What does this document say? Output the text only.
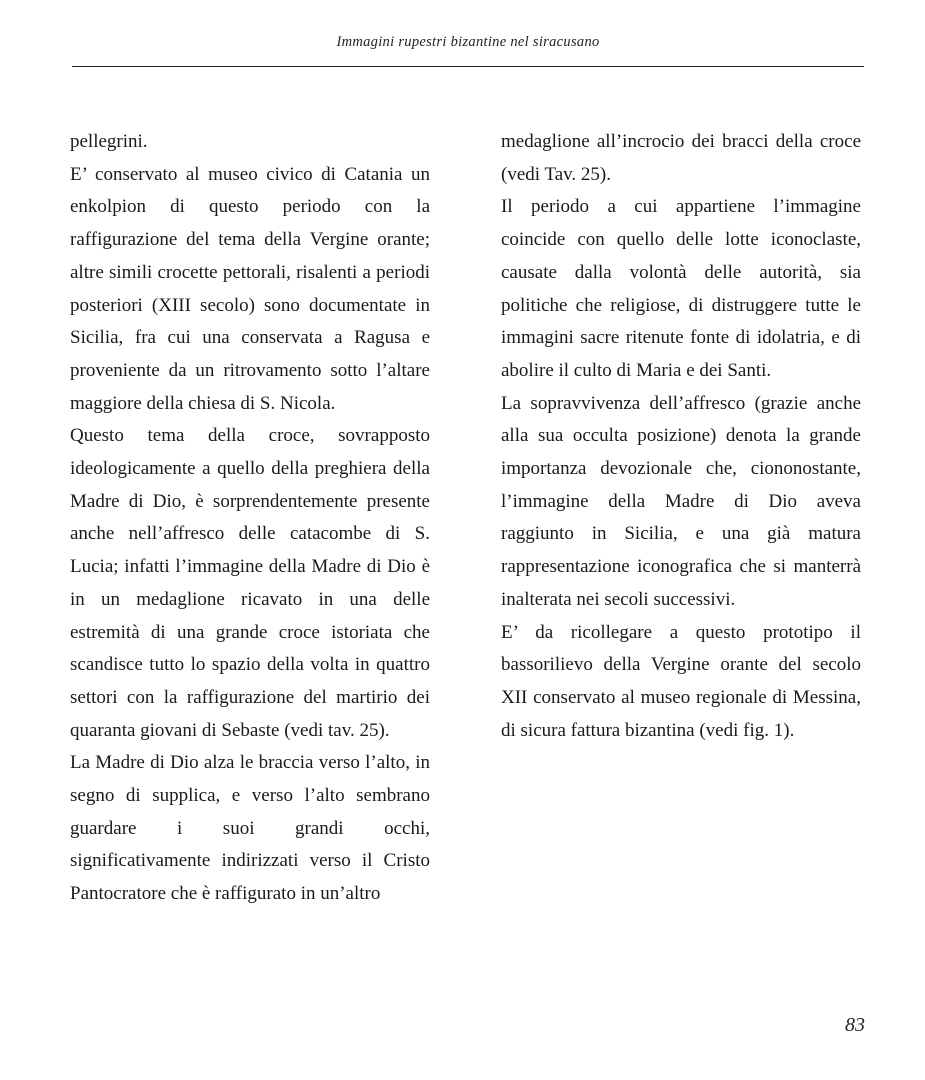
Immagini rupestri bizantine nel siracusano

pellegrini.

E’ conservato al museo civico di Catania un enkolpion di questo periodo con la raffigurazione del tema della Vergine orante; altre simili crocette pettorali, risalenti a periodi posteriori (XIII secolo) sono documentate in Sicilia, fra cui una conservata a Ragusa e proveniente da un ritrovamento sotto l’altare maggiore della chiesa di S. Nicola.

Questo tema della croce, sovrapposto ideologicamente a quello della preghiera della Madre di Dio, è sorprendentemente presente anche nell’affresco delle catacombe di S. Lucia; infatti l’immagine della Madre di Dio è in un medaglione ricavato in una delle estremità di una grande croce istoriata che scandisce tutto lo spazio della volta in quattro settori con la raffigurazione del martirio dei quaranta giovani di Sebaste (vedi tav. 25).

La Madre di Dio alza le braccia verso l’alto, in segno di supplica, e verso l’alto sembrano guardare i suoi grandi occhi, significativamente indirizzati verso il Cristo Pantocratore che è raffigurato in un’altro

medaglione all’incrocio dei bracci della croce (vedi Tav. 25).

Il periodo a cui appartiene l’immagine coincide con quello delle lotte iconoclaste, causate dalla volontà delle autorità, sia politiche che religiose, di distruggere tutte le immagini sacre ritenute fonte di idolatria, e di abolire il culto di Maria e dei Santi.

La sopravvivenza dell’affresco (grazie anche alla sua occulta posizione) denota la grande importanza devozionale che, ciononostante, l’immagine della Madre di Dio aveva raggiunto in Sicilia, e una già matura rappresentazione iconografica che si manterrà inalterata nei secoli successivi.

E’ da ricollegare a questo prototipo il bassorilievo della Vergine orante del secolo XII conservato al museo regionale di Messina, di sicura fattura bizantina (vedi fig. 1).

83
